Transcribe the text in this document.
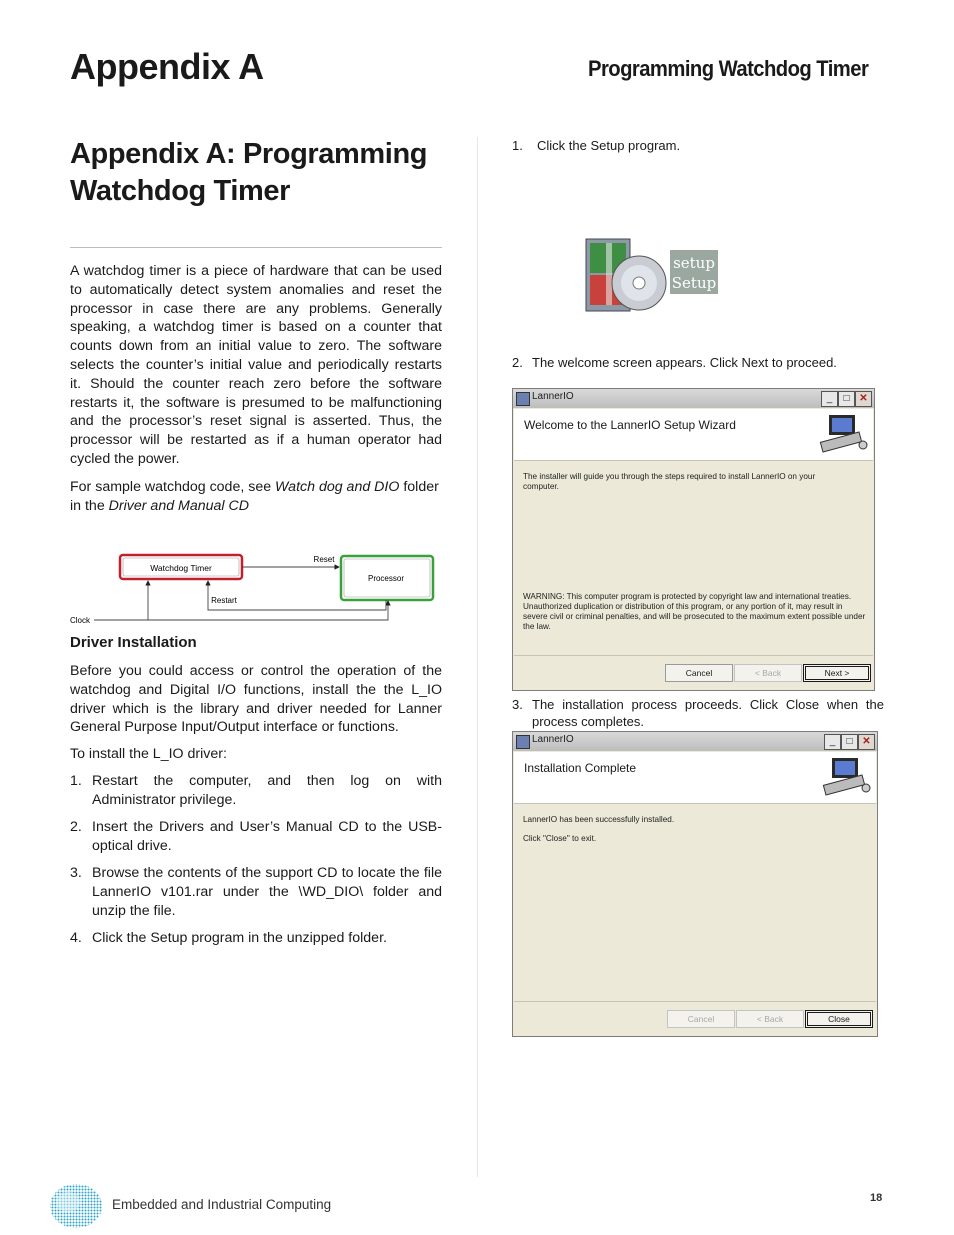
Appendix A	Programming Watchdog Timer
Appendix A: Programming Watchdog Timer
A watchdog timer is a piece of hardware that can be used to automatically detect system anomalies and reset the processor in case there are any problems. Generally speaking, a watchdog timer is based on a counter that counts down from an initial value to zero. The software selects the counter’s initial value and periodically restarts it. Should the counter reach zero before the software restarts it, the software is presumed to be malfunctioning and the processor’s reset signal is asserted. Thus, the processor will be restarted as if a human operator had cycled the power.
For sample watchdog code, see Watch dog and DIO folder in the Driver and Manual CD
Watchdog Timer
Processor
Reset
Restart
Clock
Driver Installation
Before you could access or control the operation of the watchdog and Digital I/O functions, install the the L_IO driver which is the library and driver needed for Lanner General Purpose Input/Output interface or functions.
To install the L_IO driver:
1. Restart the computer, and then log on with Administrator privilege.
2. Insert the Drivers and User’s Manual CD to the USB-optical drive.
3. Browse the contents of the support CD to locate the file LannerIO v101.rar under the \WD_DIO\ folder and unzip the file.
4. Click the Setup program in the unzipped folder.
1. Click the Setup program.
setup
Setup
2. The welcome screen appears. Click Next to proceed.
LannerIO	_	□ ✕
Welcome to the LannerIO Setup Wizard
The installer will guide you through the steps required to install LannerIO on your computer.
WARNING: This computer program is protected by copyright law and international treaties. Unauthorized duplication or distribution of this program, or any portion of it, may result in severe civil or criminal penalties, and will be prosecuted to the maximum extent possible under the law.
Cancel	< Back	Next >
3. The installation process proceeds. Click Close when the process completes.
LannerIO	_	□ ✕
Installation Complete
LannerIO has been successfully installed.
Click "Close" to exit.
Cancel	< Back	Close
Embedded and Industrial Computing	18
